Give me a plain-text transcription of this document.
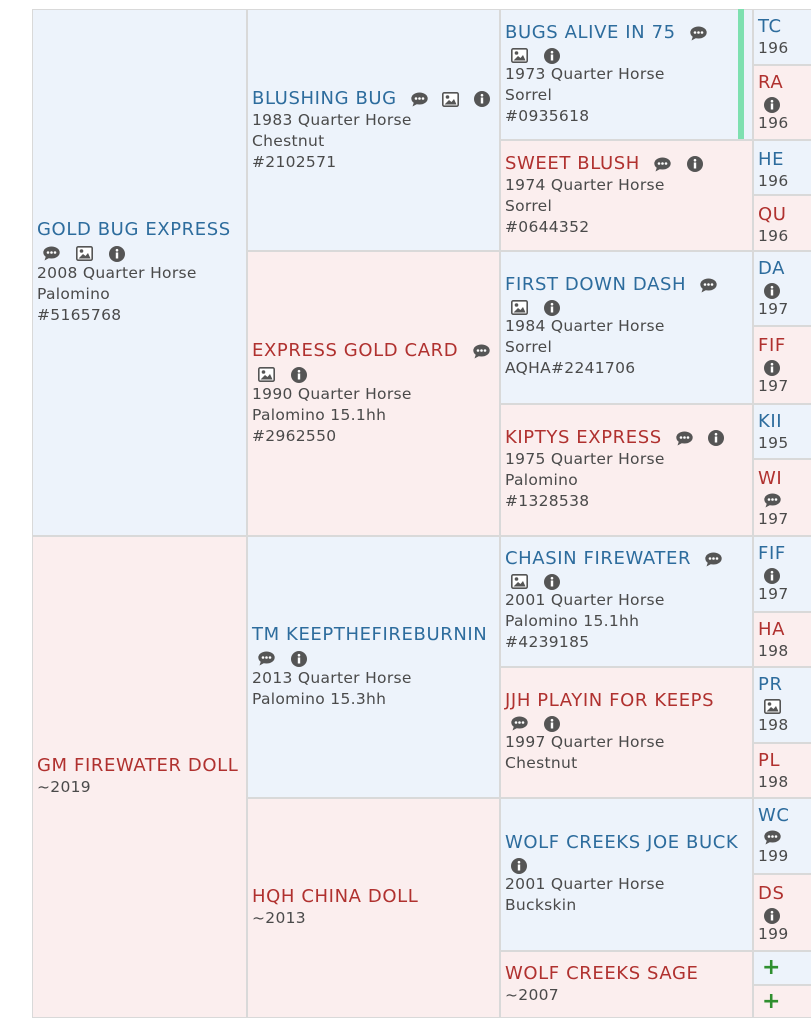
GOLD BUG EXPRESS

2008 Quarter Horse
Palomino
#5165768
GM FIREWATER DOLL
~2019
BLUSHING BUG

1983 Quarter Horse
Chestnut
#2102571
EXPRESS GOLD CARD

1990 Quarter Horse
Palomino 15.1hh
#2962550
TM KEEPTHEFIREBURNIN

2013 Quarter Horse
Palomino 15.3hh
HQH CHINA DOLL
~2013
BUGS ALIVE IN 75

1973 Quarter Horse
Sorrel
#0935618
SWEET BLUSH

1974 Quarter Horse
Sorrel
#0644352
FIRST DOWN DASH

1984 Quarter Horse
Sorrel
AQHA#2241706
KIPTYS EXPRESS

1975 Quarter Horse
Palomino
#1328538
CHASIN FIREWATER

2001 Quarter Horse
Palomino 15.1hh
#4239185
JJH PLAYIN FOR KEEPS

1997 Quarter Horse
Chestnut
WOLF CREEKS JOE BUCK
2001 Quarter Horse
Buckskin
WOLF CREEKS SAGE
~2007
TC
196
RA
196
HE
196
QU
196
DA
197
FIF
197
KII
195
WI
197
FIF
197
HA
198
PR
198
PL
198
WC
199
DS
199
+
+
